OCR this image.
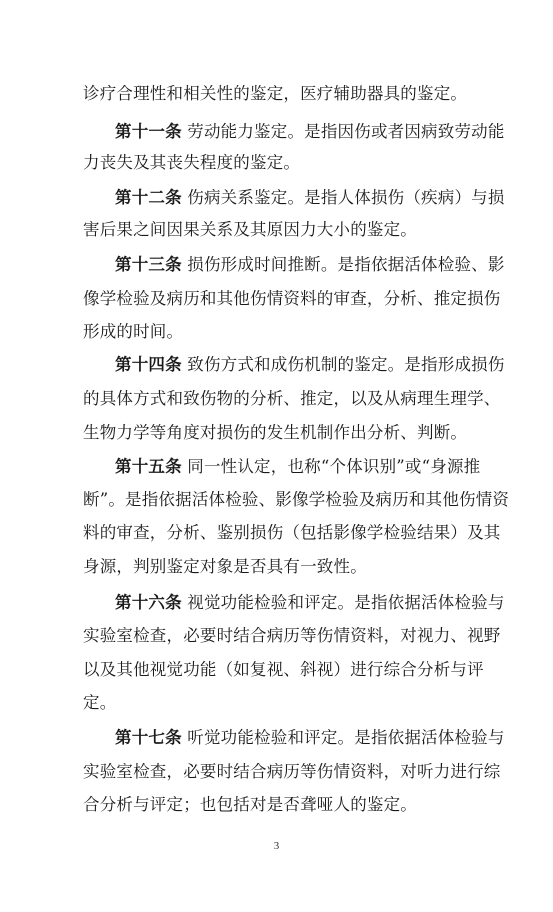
诊疗合理性和相关性的鉴定，医疗辅助器具的鉴定。
第十一条 劳动能力鉴定。是指因伤或者因病致劳动能
力丧失及其丧失程度的鉴定。
第十二条 伤病关系鉴定。是指人体损伤（疾病）与损
害后果之间因果关系及其原因力大小的鉴定。
第十三条 损伤形成时间推断。是指依据活体检验、影
像学检验及病历和其他伤情资料的审查，分析、推定损伤
形成的时间。
第十四条 致伤方式和成伤机制的鉴定。是指形成损伤
的具体方式和致伤物的分析、推定，以及从病理生理学、
生物力学等角度对损伤的发生机制作出分析、判断。
第十五条 同一性认定，也称“个体识别”或“身源推
断”。是指依据活体检验、影像学检验及病历和其他伤情资
料的审查，分析、鉴别损伤（包括影像学检验结果）及其
身源，判别鉴定对象是否具有一致性。
第十六条 视觉功能检验和评定。是指依据活体检验与
实验室检查，必要时结合病历等伤情资料，对视力、视野
以及其他视觉功能（如复视、斜视）进行综合分析与评
定。
第十七条 听觉功能检验和评定。是指依据活体检验与
实验室检查，必要时结合病历等伤情资料，对听力进行综
合分析与评定；也包括对是否聋哑人的鉴定。
3
